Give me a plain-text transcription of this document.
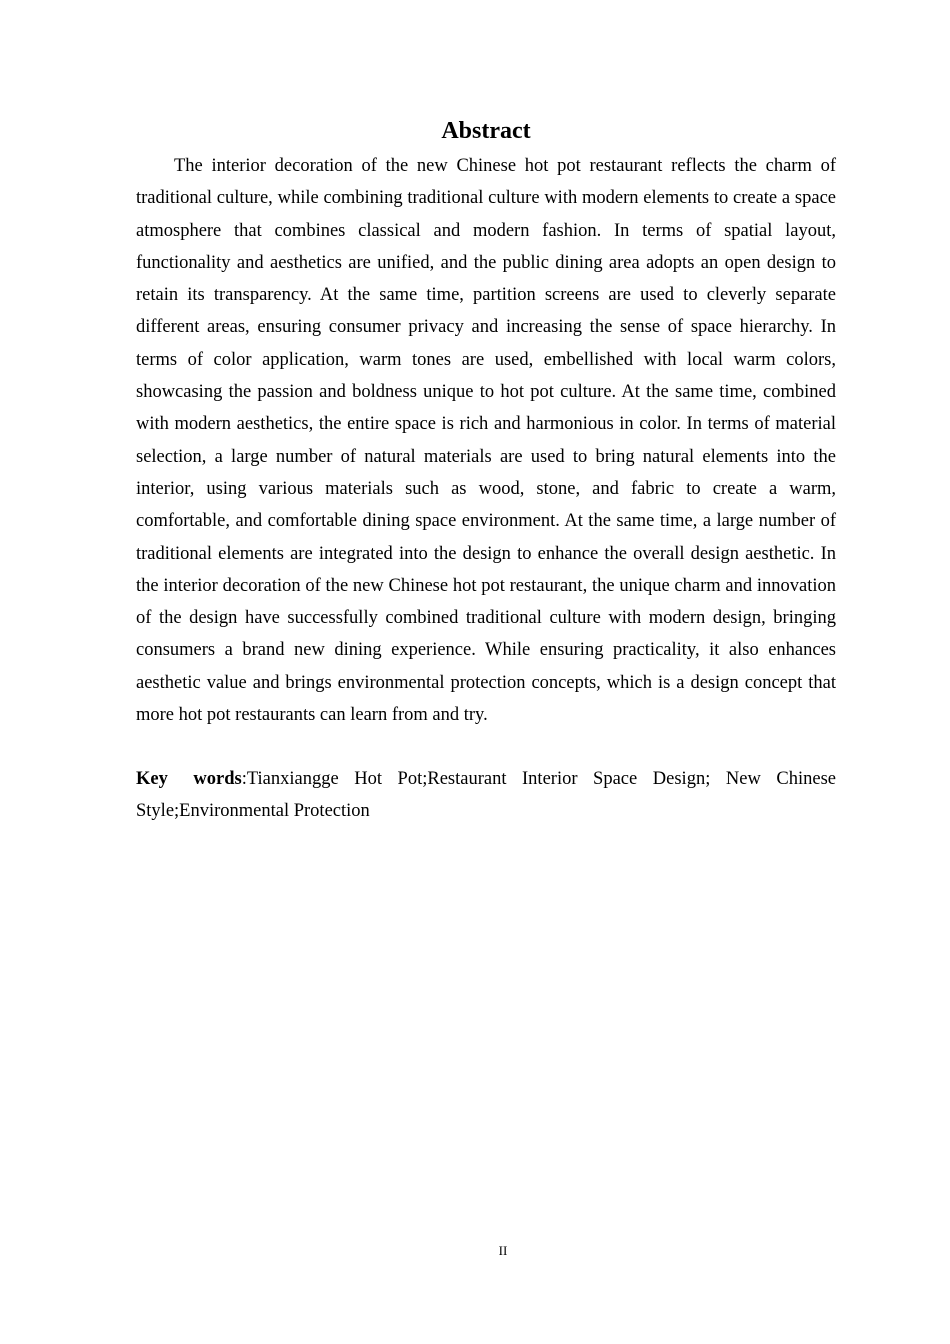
Abstract

The interior decoration of the new Chinese hot pot restaurant reflects the charm of traditional culture, while combining traditional culture with modern elements to create a space atmosphere that combines classical and modern fashion. In terms of spatial layout, functionality and aesthetics are unified, and the public dining area adopts an open design to retain its transparency. At the same time, partition screens are used to cleverly separate different areas, ensuring consumer privacy and increasing the sense of space hierarchy. In terms of color application, warm tones are used, embellished with local warm colors, showcasing the passion and boldness unique to hot pot culture. At the same time, combined with modern aesthetics, the entire space is rich and harmonious in color. In terms of material selection, a large number of natural materials are used to bring natural elements into the interior, using various materials such as wood, stone, and fabric to create a warm, comfortable, and comfortable dining space environment. At the same time, a large number of traditional elements are integrated into the design to enhance the overall design aesthetic. In the interior decoration of the new Chinese hot pot restaurant, the unique charm and innovation of the design have successfully combined traditional culture with modern design, bringing consumers a brand new dining experience. While ensuring practicality, it also enhances aesthetic value and brings environmental protection concepts, which is a design concept that more hot pot restaurants can learn from and try.

Key words:Tianxiangge Hot Pot;Restaurant Interior Space Design; New Chinese Style;Environmental Protection

II
